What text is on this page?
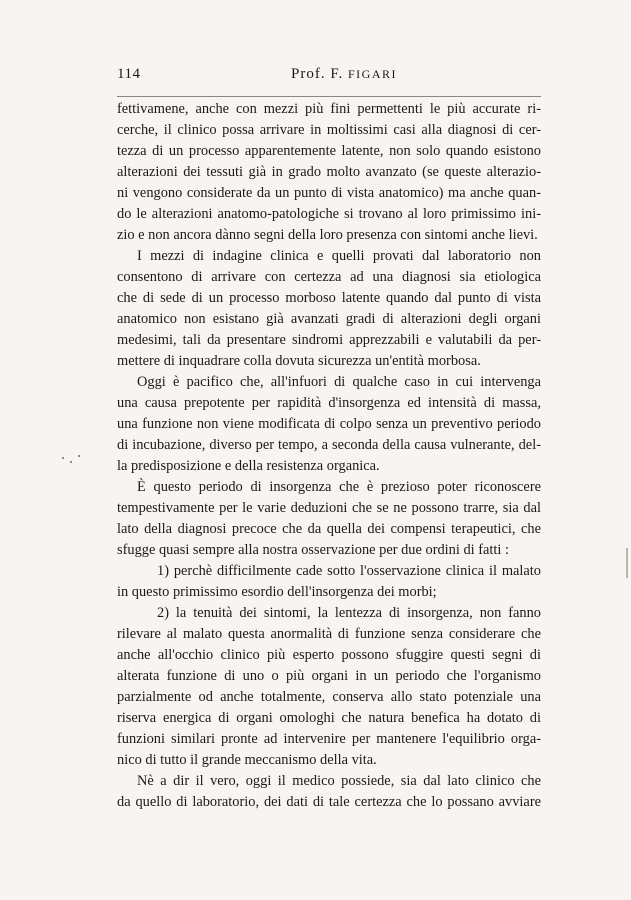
114	Prof. F. FIGARI
fettivamene, anche con mezzi più fini permettenti le più accurate ri-
cerche, il clinico possa arrivare in moltissimi casi alla diagnosi di cer-
tezza di un processo apparentemente latente, non solo quando esistono
alterazioni dei tessuti già in grado molto avanzato (se queste alterazio-
ni vengono considerate da un punto di vista anatomico) ma anche quan-
do le alterazioni anatomo-patologiche si trovano al loro primissimo ini-
zio e non ancora dànno segni della loro presenza con sintomi anche lievi.
I mezzi di indagine clinica e quelli provati dal laboratorio non
consentono di arrivare con certezza ad una diagnosi sia etiologica
che di sede di un processo morboso latente quando dal punto di vista
anatomico non esistano già avanzati gradi di alterazioni degli organi
medesimi, tali da presentare sindromi apprezzabili e valutabili da per-
mettere di inquadrare colla dovuta sicurezza un'entità morbosa.
Oggi è pacifico che, all'infuori di qualche caso in cui intervenga
una causa prepotente per rapidità d'insorgenza ed intensità di massa,
una funzione non viene modificata di colpo senza un preventivo periodo
di incubazione, diverso per tempo, a seconda della causa vulnerante, del-
la predisposizione e della resistenza organica.
È questo periodo di insorgenza che è prezioso poter riconoscere
tempestivamente per le varie deduzioni che se ne possono trarre, sia dal
lato della diagnosi precoce che da quella dei compensi terapeutici, che
sfugge quasi sempre alla nostra osservazione per due ordini di fatti :
1) perchè difficilmente cade sotto l'osservazione clinica il malato
in questo primissimo esordio dell'insorgenza dei morbi;
2) la tenuità dei sintomi, la lentezza di insorgenza, non fanno
rilevare al malato questa anormalità di funzione senza considerare che
anche all'occhio clinico più esperto possono sfuggire questi segni di
alterata funzione di uno o più organi in un periodo che l'organismo
parzialmente od anche totalmente, conserva allo stato potenziale una
riserva energica di organi omologhi che natura benefica ha dotato di
funzioni similari pronte ad intervenire per mantenere l'equilibrio orga-
nico di tutto il grande meccanismo della vita.
Nè a dir il vero, oggi il medico possiede, sia dal lato clinico che
da quello di laboratorio, dei dati di tale certezza che lo possano avviare
